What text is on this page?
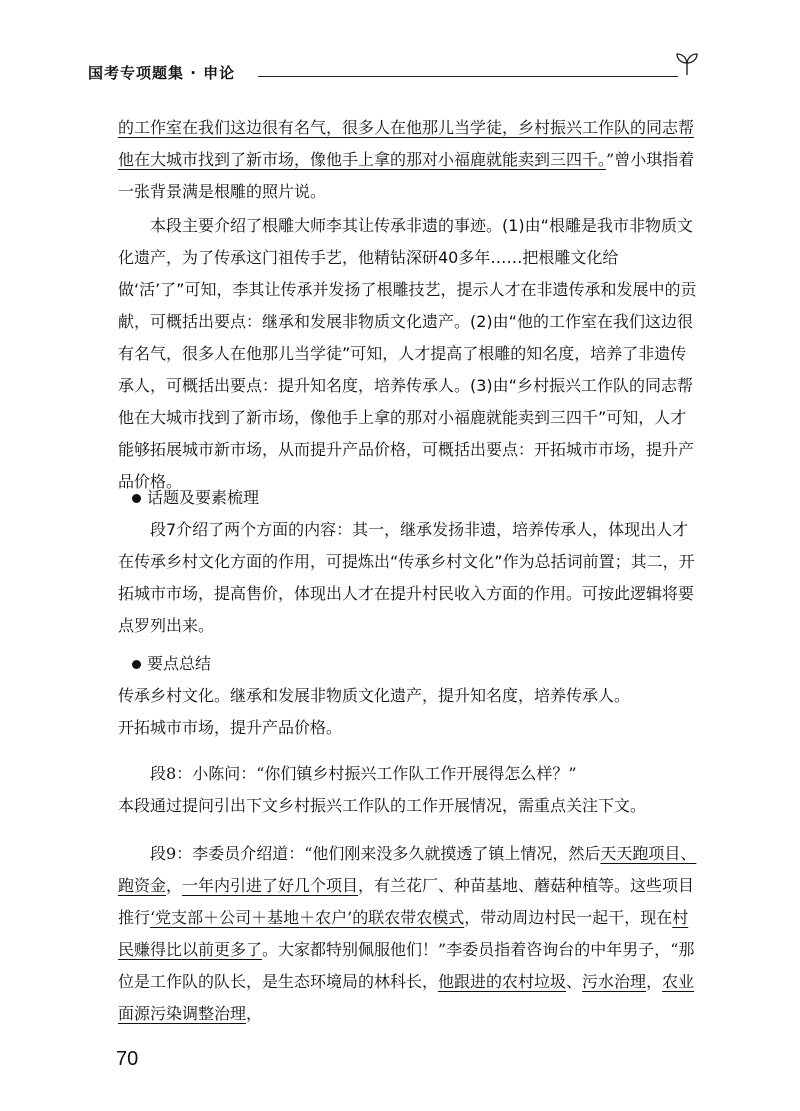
国考专项题集 · 申论

的工作室在我们这边很有名气，很多人在他那儿当学徒，乡村振兴工作队的同志帮他在大城市找到了新市场，像他手上拿的那对小福鹿就能卖到三四千。”曾小琪指着一张背景满是根雕的照片说。

本段主要介绍了根雕大师李其让传承非遗的事迹。(1)由“根雕是我市非物质文化遗产，为了传承这门祖传手艺，他精钻深研40多年……把根雕文化给做‘活’了”可知，李其让传承并发扬了根雕技艺，提示人才在非遗传承和发展中的贡献，可概括出要点：继承和发展非物质文化遗产。(2)由“他的工作室在我们这边很有名气，很多人在他那儿当学徒”可知，人才提高了根雕的知名度，培养了非遗传承人，可概括出要点：提升知名度，培养传承人。(3)由“乡村振兴工作队的同志帮他在大城市找到了新市场，像他手上拿的那对小福鹿就能卖到三四千”可知，人才能够拓展城市新市场，从而提升产品价格，可概括出要点：开拓城市市场，提升产品价格。

话题及要素梳理

段7介绍了两个方面的内容：其一，继承发扬非遗，培养传承人，体现出人才在传承乡村文化方面的作用，可提炼出“传承乡村文化”作为总括词前置；其二，开拓城市市场，提高售价，体现出人才在提升村民收入方面的作用。可按此逻辑将要点罗列出来。

要点总结

传承乡村文化。继承和发展非物质文化遗产，提升知名度，培养传承人。

开拓城市市场，提升产品价格。

段8：小陈问：“你们镇乡村振兴工作队工作开展得怎么样？”

本段通过提问引出下文乡村振兴工作队的工作开展情况，需重点关注下文。

段9：李委员介绍道：“他们刚来没多久就摸透了镇上情况，然后天天跑项目、跑资金，一年内引进了好几个项目，有兰花厂、种苗基地、蘑菇种植等。这些项目推行‘党支部＋公司＋基地＋农户’的联农带农模式，带动周边村民一起干，现在村民赚得比以前更多了。大家都特别佩服他们！”李委员指着咨询台的中年男子，“那位是工作队的队长，是生态环境局的林科长，他跟进的农村垃圾、污水治理，农业面源污染调整治理，

70
